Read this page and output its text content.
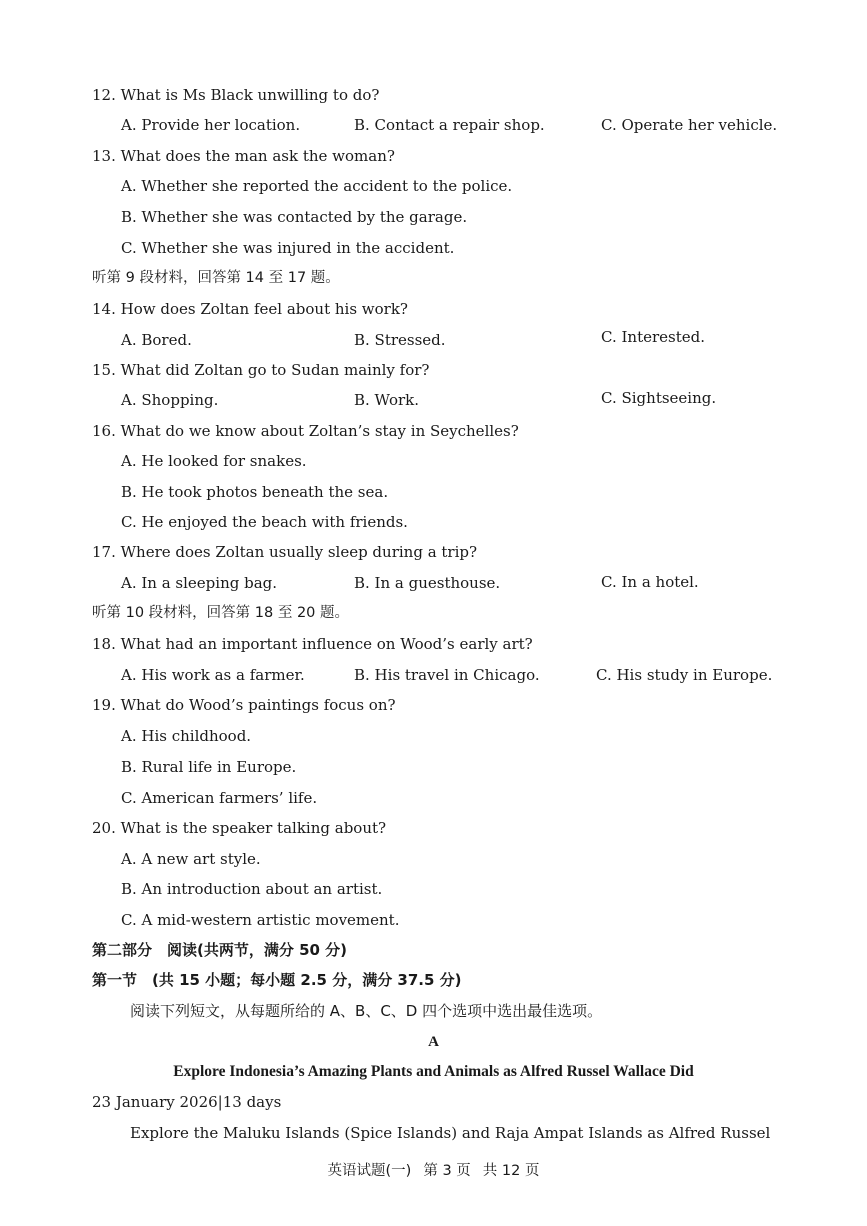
12. What is Ms Black unwilling to do?
A. Provide her location.	B. Contact a repair shop.	C. Operate her vehicle.
13. What does the man ask the woman?
A. Whether she reported the accident to the police.
B. Whether she was contacted by the garage.
C. Whether she was injured in the accident.
听第 9 段材料，回答第 14 至 17 题。
14. How does Zoltan feel about his work?
A. Bored.	B. Stressed.	C. Interested.
15. What did Zoltan go to Sudan mainly for?
A. Shopping.	B. Work.	C. Sightseeing.
16. What do we know about Zoltan’s stay in Seychelles?
A. He looked for snakes.
B. He took photos beneath the sea.
C. He enjoyed the beach with friends.
17. Where does Zoltan usually sleep during a trip?
A. In a sleeping bag.	B. In a guesthouse.	C. In a hotel.
听第 10 段材料，回答第 18 至 20 题。
18. What had an important influence on Wood’s early art?
A. His work as a farmer.	B. His travel in Chicago.	C. His study in Europe.
19. What do Wood’s paintings focus on?
A. His childhood.
B. Rural life in Europe.
C. American farmers’ life.
20. What is the speaker talking about?
A. A new art style.
B. An introduction about an artist.
C. A mid-western artistic movement.
第二部分　阅读(共两节，满分 50 分)
第一节　(共 15 小题；每小题 2.5 分，满分 37.5 分)
阅读下列短文，从每题所给的 A、B、C、D 四个选项中选出最佳选项。
A
Explore Indonesia’s Amazing Plants and Animals as Alfred Russel Wallace Did
23 January 2026|13 days
Explore the Maluku Islands (Spice Islands) and Raja Ampat Islands as Alfred Russel
英语试题(一) 第 3 页 共 12 页
